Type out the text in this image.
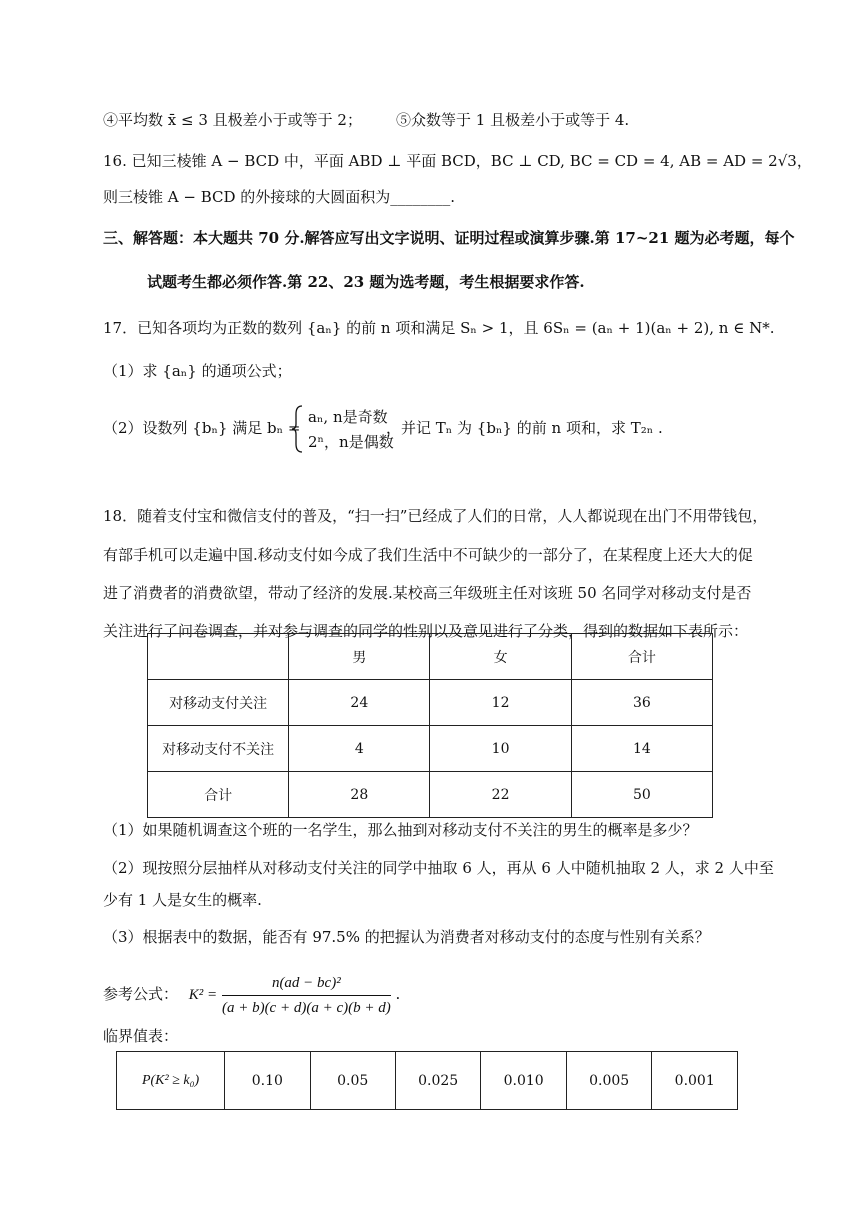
④平均数 x̄ ≤ 3 且极差小于或等于 2； ⑤众数等于 1 且极差小于或等于 4.
16. 已知三棱锥 A − BCD 中，平面 ABD ⊥ 平面 BCD，BC ⊥ CD, BC = CD = 4, AB = AD = 2√3，
则三棱锥 A − BCD 的外接球的大圆面积为________.
三、解答题：本大题共 70 分.解答应写出文字说明、证明过程或演算步骤.第 17~21 题为必考题，每个
试题考生都必须作答.第 22、23 题为选考题，考生根据要求作答.
17．已知各项均为正数的数列 {aₙ} 的前 n 项和满足 Sₙ > 1，且 6Sₙ = (aₙ + 1)(aₙ + 2), n ∈ N*.
（1）求 {aₙ} 的通项公式；
（2）设数列 {bₙ} 满足 bₙ =
aₙ, n是奇数
2ⁿ，n是偶数
，并记 Tₙ 为 {bₙ} 的前 n 项和，求 T₂ₙ .
18．随着支付宝和微信支付的普及，“扫一扫”已经成了人们的日常，人人都说现在出门不用带钱包，
有部手机可以走遍中国.移动支付如今成了我们生活中不可缺少的一部分了，在某程度上还大大的促
进了消费者的消费欲望，带动了经济的发展.某校高三年级班主任对该班 50 名同学对移动支付是否
关注进行了问卷调查，并对参与调查的同学的性别以及意见进行了分类，得到的数据如下表所示：
	男	女	合计
对移动支付关注	24	12	36
对移动支付不关注	4	10	14
合计	28	22	50
（1）如果随机调查这个班的一名学生，那么抽到对移动支付不关注的男生的概率是多少？
（2）现按照分层抽样从对移动支付关注的同学中抽取 6 人，再从 6 人中随机抽取 2 人，求 2 人中至
少有 1 人是女生的概率.
（3）根据表中的数据，能否有 97.5% 的把握认为消费者对移动支付的态度与性别有关系？
参考公式： $K^2 = \frac{\text{n(ad − bc)²}}{(a + b)(c + d)(a + c)(b + d)}$ .
临界值表：
P(K² ≥ k₀)	0.10	0.05	0.025	0.010	0.005	0.001
